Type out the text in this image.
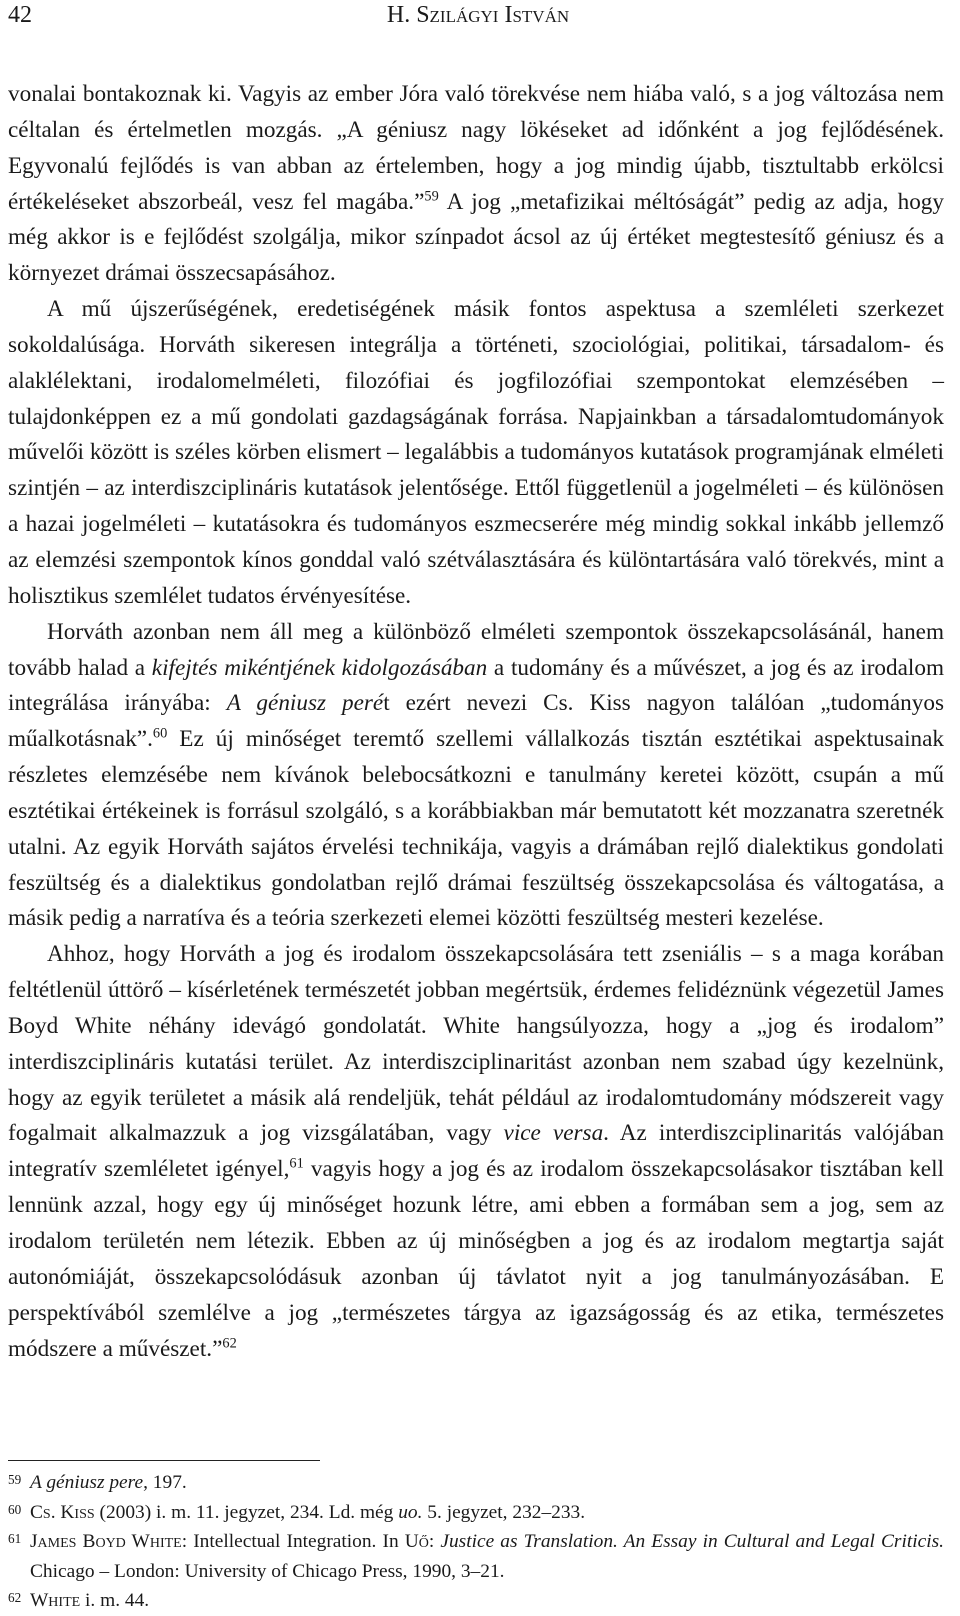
42	H. Szilágyi István

vonalai bontakoznak ki. Vagyis az ember Jóra való törekvése nem hiába való, s a jog változása nem céltalan és értelmetlen mozgás. „A géniusz nagy lökéseket ad időnként a jog fejlődésének. Egyvonalú fejlődés is van abban az értelemben, hogy a jog mindig újabb, tisztultabb erkölcsi értékeléseket abszorbeál, vesz fel magába.”$^{59}$ A jog „metafizikai méltóságát” pedig az adja, hogy még akkor is e fejlődést szolgálja, mikor színpadot ácsol az új értéket megtestesítő géniusz és a környezet drámai összecsapásához.

A mű újszerűségének, eredetiségének másik fontos aspektusa a szemléleti szerkezet sokoldalúsága. Horváth sikeresen integrálja a történeti, szociológiai, politikai, társadalom- és alaklélektani, irodalomelméleti, filozófiai és jogfilozófiai szempontokat elemzésében – tulajdonképpen ez a mű gondolati gazdagságának forrása. Napjainkban a társadalomtudományok művelői között is széles körben elismert – legalábbis a tudományos kutatások programjának elméleti szintjén – az interdiszciplináris kutatások jelentősége. Ettől függetlenül a jogelméleti – és különösen a hazai jogelméleti – kutatásokra és tudományos eszmecserére még mindig sokkal inkább jellemző az elemzési szempontok kínos gonddal való szétválasztására és különtartására való törekvés, mint a holisztikus szemlélet tudatos érvényesítése.

Horváth azonban nem áll meg a különböző elméleti szempontok összekapcsolásánál, hanem tovább halad a kifejtés mikéntjének kidolgozásában a tudomány és a művészet, a jog és az irodalom integrálása irányába: A géniusz perét ezért nevezi Cs. Kiss nagyon találóan „tudományos műalkotásnak”.$^{60}$ Ez új minőséget teremtő szellemi vállalkozás tisztán esztétikai aspektusainak részletes elemzésébe nem kívánok belebocsátkozni e tanulmány keretei között, csupán a mű esztétikai értékeinek is forrásul szolgáló, s a korábbiakban már bemutatott két mozzanatra szeretnék utalni. Az egyik Horváth sajátos érvelési technikája, vagyis a drámában rejlő dialektikus gondolati feszültség és a dialektikus gondolatban rejlő drámai feszültség összekapcsolása és váltogatása, a másik pedig a narratíva és a teória szerkezeti elemei közötti feszültség mesteri kezelése.

Ahhoz, hogy Horváth a jog és irodalom összekapcsolására tett zseniális – s a maga korában feltétlenül úttörő – kísérletének természetét jobban megértsük, érdemes felidéznünk végezetül James Boyd White néhány idevágó gondolatát. White hangsúlyozza, hogy a „jog és irodalom” interdiszciplináris kutatási terület. Az interdiszciplinaritást azonban nem szabad úgy kezelnünk, hogy az egyik területet a másik alá rendeljük, tehát például az irodalomtudomány módszereit vagy fogalmait alkalmazzuk a jog vizsgálatában, vagy vice versa. Az interdiszciplinaritás valójában integratív szemléletet igényel,$^{61}$ vagyis hogy a jog és az irodalom összekapcsolásakor tisztában kell lennünk azzal, hogy egy új minőséget hozunk létre, ami ebben a formában sem a jog, sem az irodalom területén nem létezik. Ebben az új minőségben a jog és az irodalom megtartja saját autonómiáját, összekapcsolódásuk azonban új távlatot nyit a jog tanulmányozásában. E perspektívából szemlélve a jog „természetes tárgya az igazságosság és az etika, természetes módszere a művészet.”$^{62}$

59 A géniusz pere, 197.

60 Cs. Kiss (2003) i. m. 11. jegyzet, 234. Ld. még uo. 5. jegyzet, 232–233.

61 James Boyd White: Intellectual Integration. In Uő: Justice as Translation. An Essay in Cultural and Legal Criticis. Chicago – London: University of Chicago Press, 1990, 3–21.

62 White i. m. 44.
